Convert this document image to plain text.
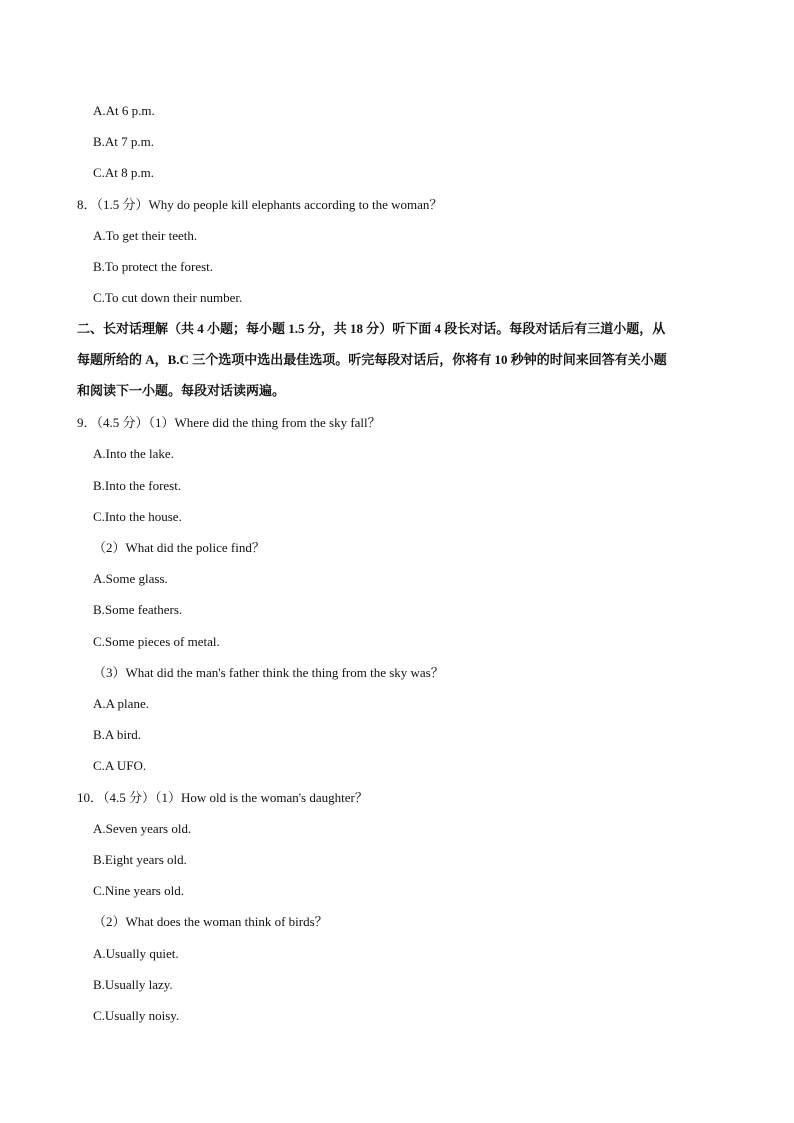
A.At 6 p.m.
B.At 7 p.m.
C.At 8 p.m.
8．（1.5 分）Why do people kill elephants according to the woman？
A.To get their teeth.
B.To protect the forest.
C.To cut down their number.
二、长对话理解（共 4 小题；每小题 1.5 分，共 18 分）听下面 4 段长对话。每段对话后有三道小题，从
每题所给的 A，B.C 三个选项中选出最佳选项。听完每段对话后，你将有 10 秒钟的时间来回答有关小题
和阅读下一小题。每段对话读两遍。
9．（4.5 分）（1）Where did the thing from the sky fall？
A.Into the lake.
B.Into the forest.
C.Into the house.
（2）What did the police find？
A.Some glass.
B.Some feathers.
C.Some pieces of metal.
（3）What did the man's father think the thing from the sky was？
A.A plane.
B.A bird.
C.A UFO.
10．（4.5 分）（1）How old is the woman's daughter？
A.Seven years old.
B.Eight years old.
C.Nine years old.
（2）What does the woman think of birds？
A.Usually quiet.
B.Usually lazy.
C.Usually noisy.
